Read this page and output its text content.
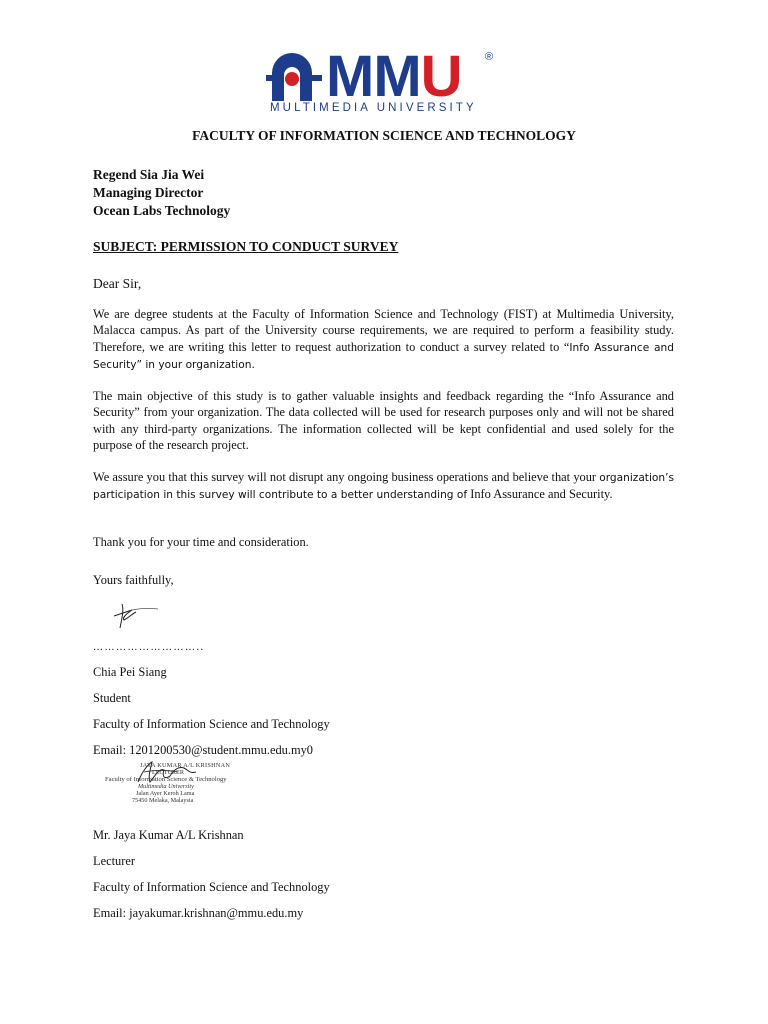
M M U ®
MULTIMEDIA UNIVERSITY
FACULTY OF INFORMATION SCIENCE AND TECHNOLOGY
Regend Sia Jia Wei
Managing Director
Ocean Labs Technology
SUBJECT: PERMISSION TO CONDUCT SURVEY
Dear Sir,
We are degree students at the Faculty of Information Science and Technology (FIST) at Multimedia University, Malacca campus. As part of the University course requirements, we are required to perform a feasibility study. Therefore, we are writing this letter to request authorization to conduct a survey related to “Info Assurance and Security” in your organization.
The main objective of this study is to gather valuable insights and feedback regarding the “Info Assurance and Security” from your organization. The data collected will be used for research purposes only and will not be shared with any third-party organizations. The information collected will be kept confidential and used solely for the purpose of the research project.
We assure you that this survey will not disrupt any ongoing business operations and believe that your organization’s participation in this survey will contribute to a better understanding of Info Assurance and Security.
Thank you for your time and consideration.
Yours faithfully,
………………………..
Chia Pei Siang
Student
Faculty of Information Science and Technology
Email: 1201200530@student.mmu.edu.my0
JAYA KUMAR A/L KRISHNAN
LECTURER
Faculty of Information Science & Technology
Multimedia University
Jalan Ayer Keroh Lama
75450 Melaka, Malaysia
Mr. Jaya Kumar A/L Krishnan
Lecturer
Faculty of Information Science and Technology
Email: jayakumar.krishnan@mmu.edu.my
